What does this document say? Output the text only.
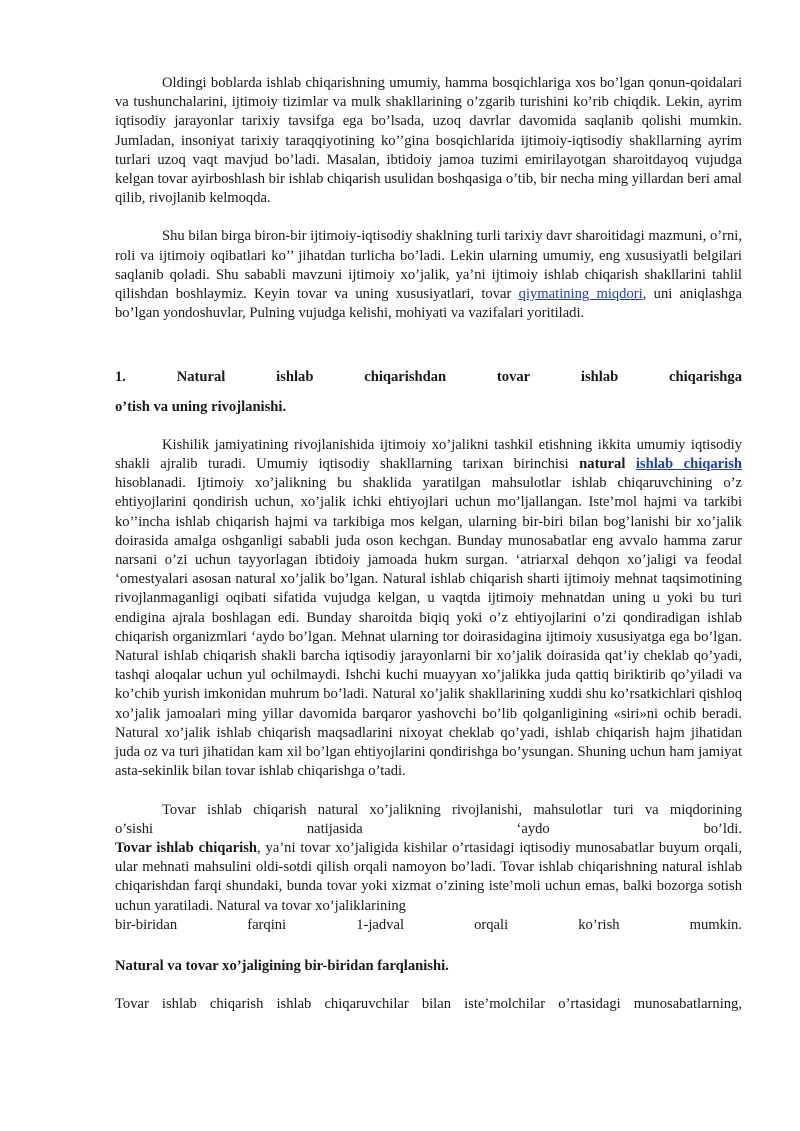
Oldingi boblarda ishlab chiqarishning umumiy, hamma bosqichlariga xos bo’lgan qonun-qoidalari va tushunchalarini, ijtimoiy tizimlar va mulk shakllarining o’zgarib turishini ko’rib chiqdik. Lekin, ayrim iqtisodiy jarayonlar tarixiy tavsifga ega bo’lsada, uzoq davrlar davomida saqlanib qolishi mumkin. Jumladan, insoniyat tarixiy taraqqiyotining ko’’gina bosqichlarida ijtimoiy-iqtisodiy shakllarning ayrim turlari uzoq vaqt mavjud bo’ladi. Masalan, ibtidoiy jamoa tuzimi emirilayotgan sharoitdayoq vujudga kelgan tovar ayirboshlash bir ishlab chiqarish usulidan boshqasiga o’tib, bir necha ming yillardan beri amal qilib, rivojlanib kelmoqda.

Shu bilan birga biron-bir ijtimoiy-iqtisodiy shaklning turli tarixiy davr sharoitidagi mazmuni, o’rni, roli va ijtimoiy oqibatlari ko’’ jihatdan turlicha bo’ladi. Lekin ularning umumiy, eng xususiyatli belgilari saqlanib qoladi. Shu sababli mavzuni ijtimoiy xo’jalik, ya’ni ijtimoiy ishlab chiqarish shakllarini tahlil qilishdan boshlaymiz. Keyin tovar va uning xususiyatlari, tovar qiymatining miqdori, uni aniqlashga bo’lgan yondoshuvlar, Pulning vujudga kelishi, mohiyati va vazifalari yoritiladi.

1.	Natural	ishlab	chiqarishdan	tovar	ishlab	chiqarishga
o’tish va uning rivojlanishi.

Kishilik jamiyatining rivojlanishida ijtimoiy xo’jalikni tashkil etishning ikkita umumiy iqtisodiy shakli ajralib turadi. Umumiy iqtisodiy shakllarning tarixan birinchisi natural ishlab chiqarish hisoblanadi. Ijtimoiy xo’jalikning bu shaklida yaratilgan mahsulotlar ishlab chiqaruvchining o’z ehtiyojlarini qondirish uchun, xo’jalik ichki ehtiyojlari uchun mo’ljallangan. Iste’mol hajmi va tarkibi ko’’incha ishlab chiqarish hajmi va tarkibiga mos kelgan, ularning bir-biri bilan bog’lanishi bir xo’jalik doirasida amalga oshganligi sababli juda oson kechgan. Bunday munosabatlar eng avvalo hamma zarur narsani o’zi uchun tayyorlagan ibtidoiy jamoada hukm surgan. ‘atriarxal dehqon xo’jaligi va feodal ‘omestyalari asosan natural xo’jalik bo’lgan. Natural ishlab chiqarish sharti ijtimoiy mehnat taqsimotining rivojlanmaganligi oqibati sifatida vujudga kelgan, u vaqtda ijtimoiy mehnatdan uning u yoki bu turi endigina ajrala boshlagan edi. Bunday sharoitda biqiq yoki o’z ehtiyojlarini o’zi qondiradigan ishlab chiqarish organizmlari ‘aydo bo’lgan. Mehnat ularning tor doirasidagina ijtimoiy xususiyatga ega bo’lgan. Natural ishlab chiqarish shakli barcha iqtisodiy jarayonlarni bir xo’jalik doirasida qat’iy cheklab qo’yadi, tashqi aloqalar uchun yul ochilmaydi. Ishchi kuchi muayyan xo’jalikka juda qattiq biriktirib qo’yiladi va ko’chib yurish imkonidan muhrum bo’ladi. Natural xo’jalik shakllarining xuddi shu ko’rsatkichlari qishloq xo’jalik jamoalari ming yillar davomida barqaror yashovchi bo’lib qolganligining «siri»ni ochib beradi. Natural xo’jalik ishlab chiqarish maqsadlarini nixoyat cheklab qo’yadi, ishlab chiqarish hajm jihatidan juda oz va turi jihatidan kam xil bo’lgan ehtiyojlarini qondirishga bo’ysungan. Shuning uchun ham jamiyat asta-sekinlik bilan tovar ishlab chiqarishga o’tadi.

Tovar ishlab chiqarish natural xo’jalikning rivojlanishi, mahsulotlar turi va miqdorining

o’sishi	natijasida	‘aydo	bo’ldi.

Tovar ishlab chiqarish, ya’ni tovar xo’jaligida kishilar o’rtasidagi iqtisodiy munosabatlar buyum orqali, ular mehnati mahsulini oldi-sotdi qilish orqali namoyon bo’ladi. Tovar ishlab chiqarishning natural ishlab chiqarishdan farqi shundaki, bunda tovar yoki xizmat o’zining iste’moli uchun emas, balki bozorga sotish uchun yaratiladi. Natural va tovar xo’jaliklarining

bir-biridan	farqini	1-jadval	orqali	ko’rish	mumkin.

Natural va tovar xo’jaligining bir-biridan farqlanishi.

Tovar ishlab chiqarish ishlab chiqaruvchilar bilan iste’molchilar o’rtasidagi munosabatlarning,
